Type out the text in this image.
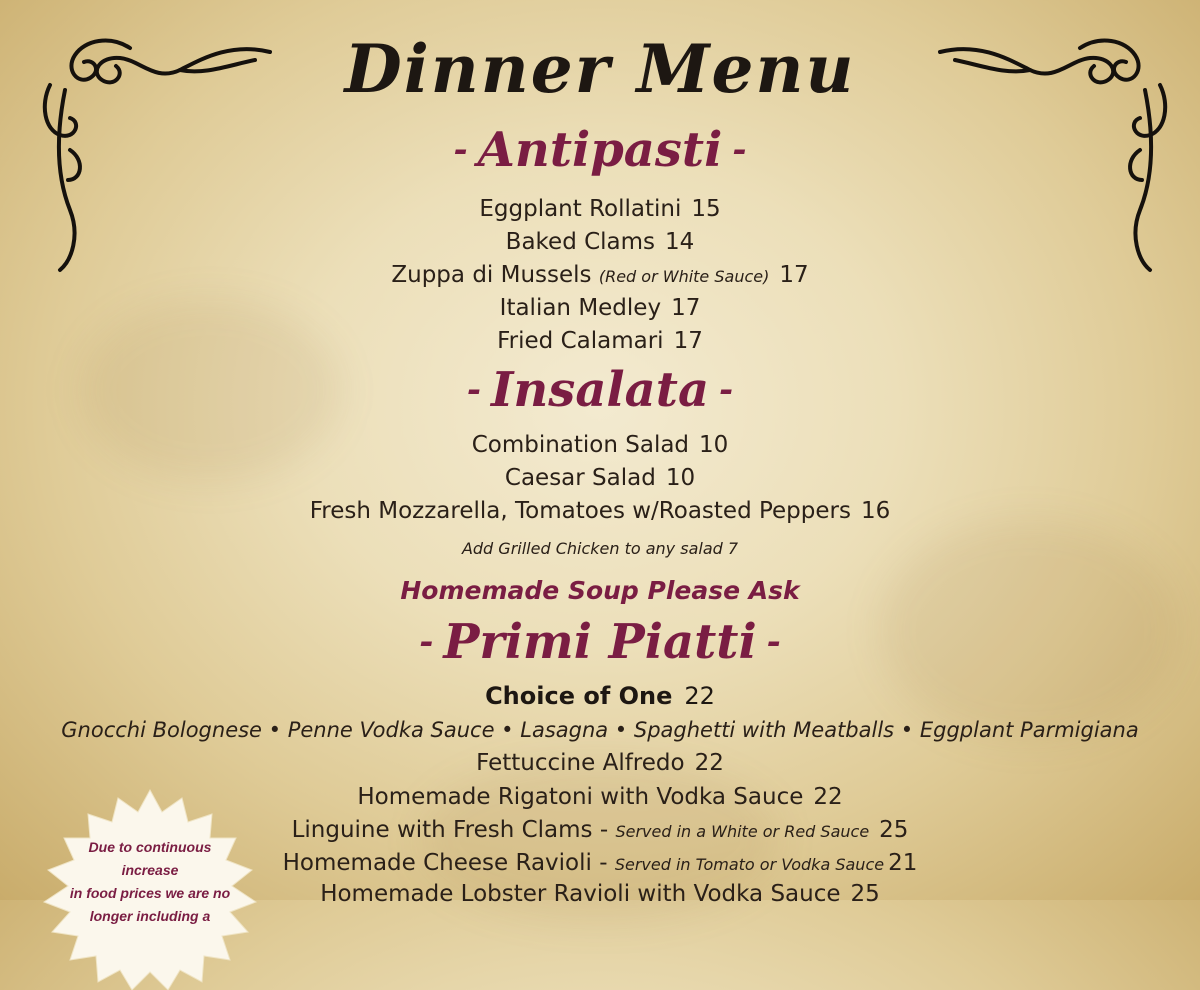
Dinner Menu
- Antipasti -
Eggplant Rollatini 15
Baked Clams 14
Zuppa di Mussels (Red or White Sauce) 17
Italian Medley 17
Fried Calamari 17
- Insalata -
Combination Salad 10
Caesar Salad 10
Fresh Mozzarella, Tomatoes w/Roasted Peppers 16
Add Grilled Chicken to any salad 7
Homemade Soup Please Ask
- Primi Piatti -
Choice of One 22
Gnocchi Bolognese • Penne Vodka Sauce • Lasagna • Spaghetti with Meatballs • Eggplant Parmigiana
Fettuccine Alfredo 22
Homemade Rigatoni with Vodka Sauce 22
Linguine with Fresh Clams - Served in a White or Red Sauce 25
Homemade Cheese Ravioli - Served in Tomato or Vodka Sauce 21
Homemade Lobster Ravioli with Vodka Sauce 25
Due to continuous increase
in food prices we are no
longer including a
